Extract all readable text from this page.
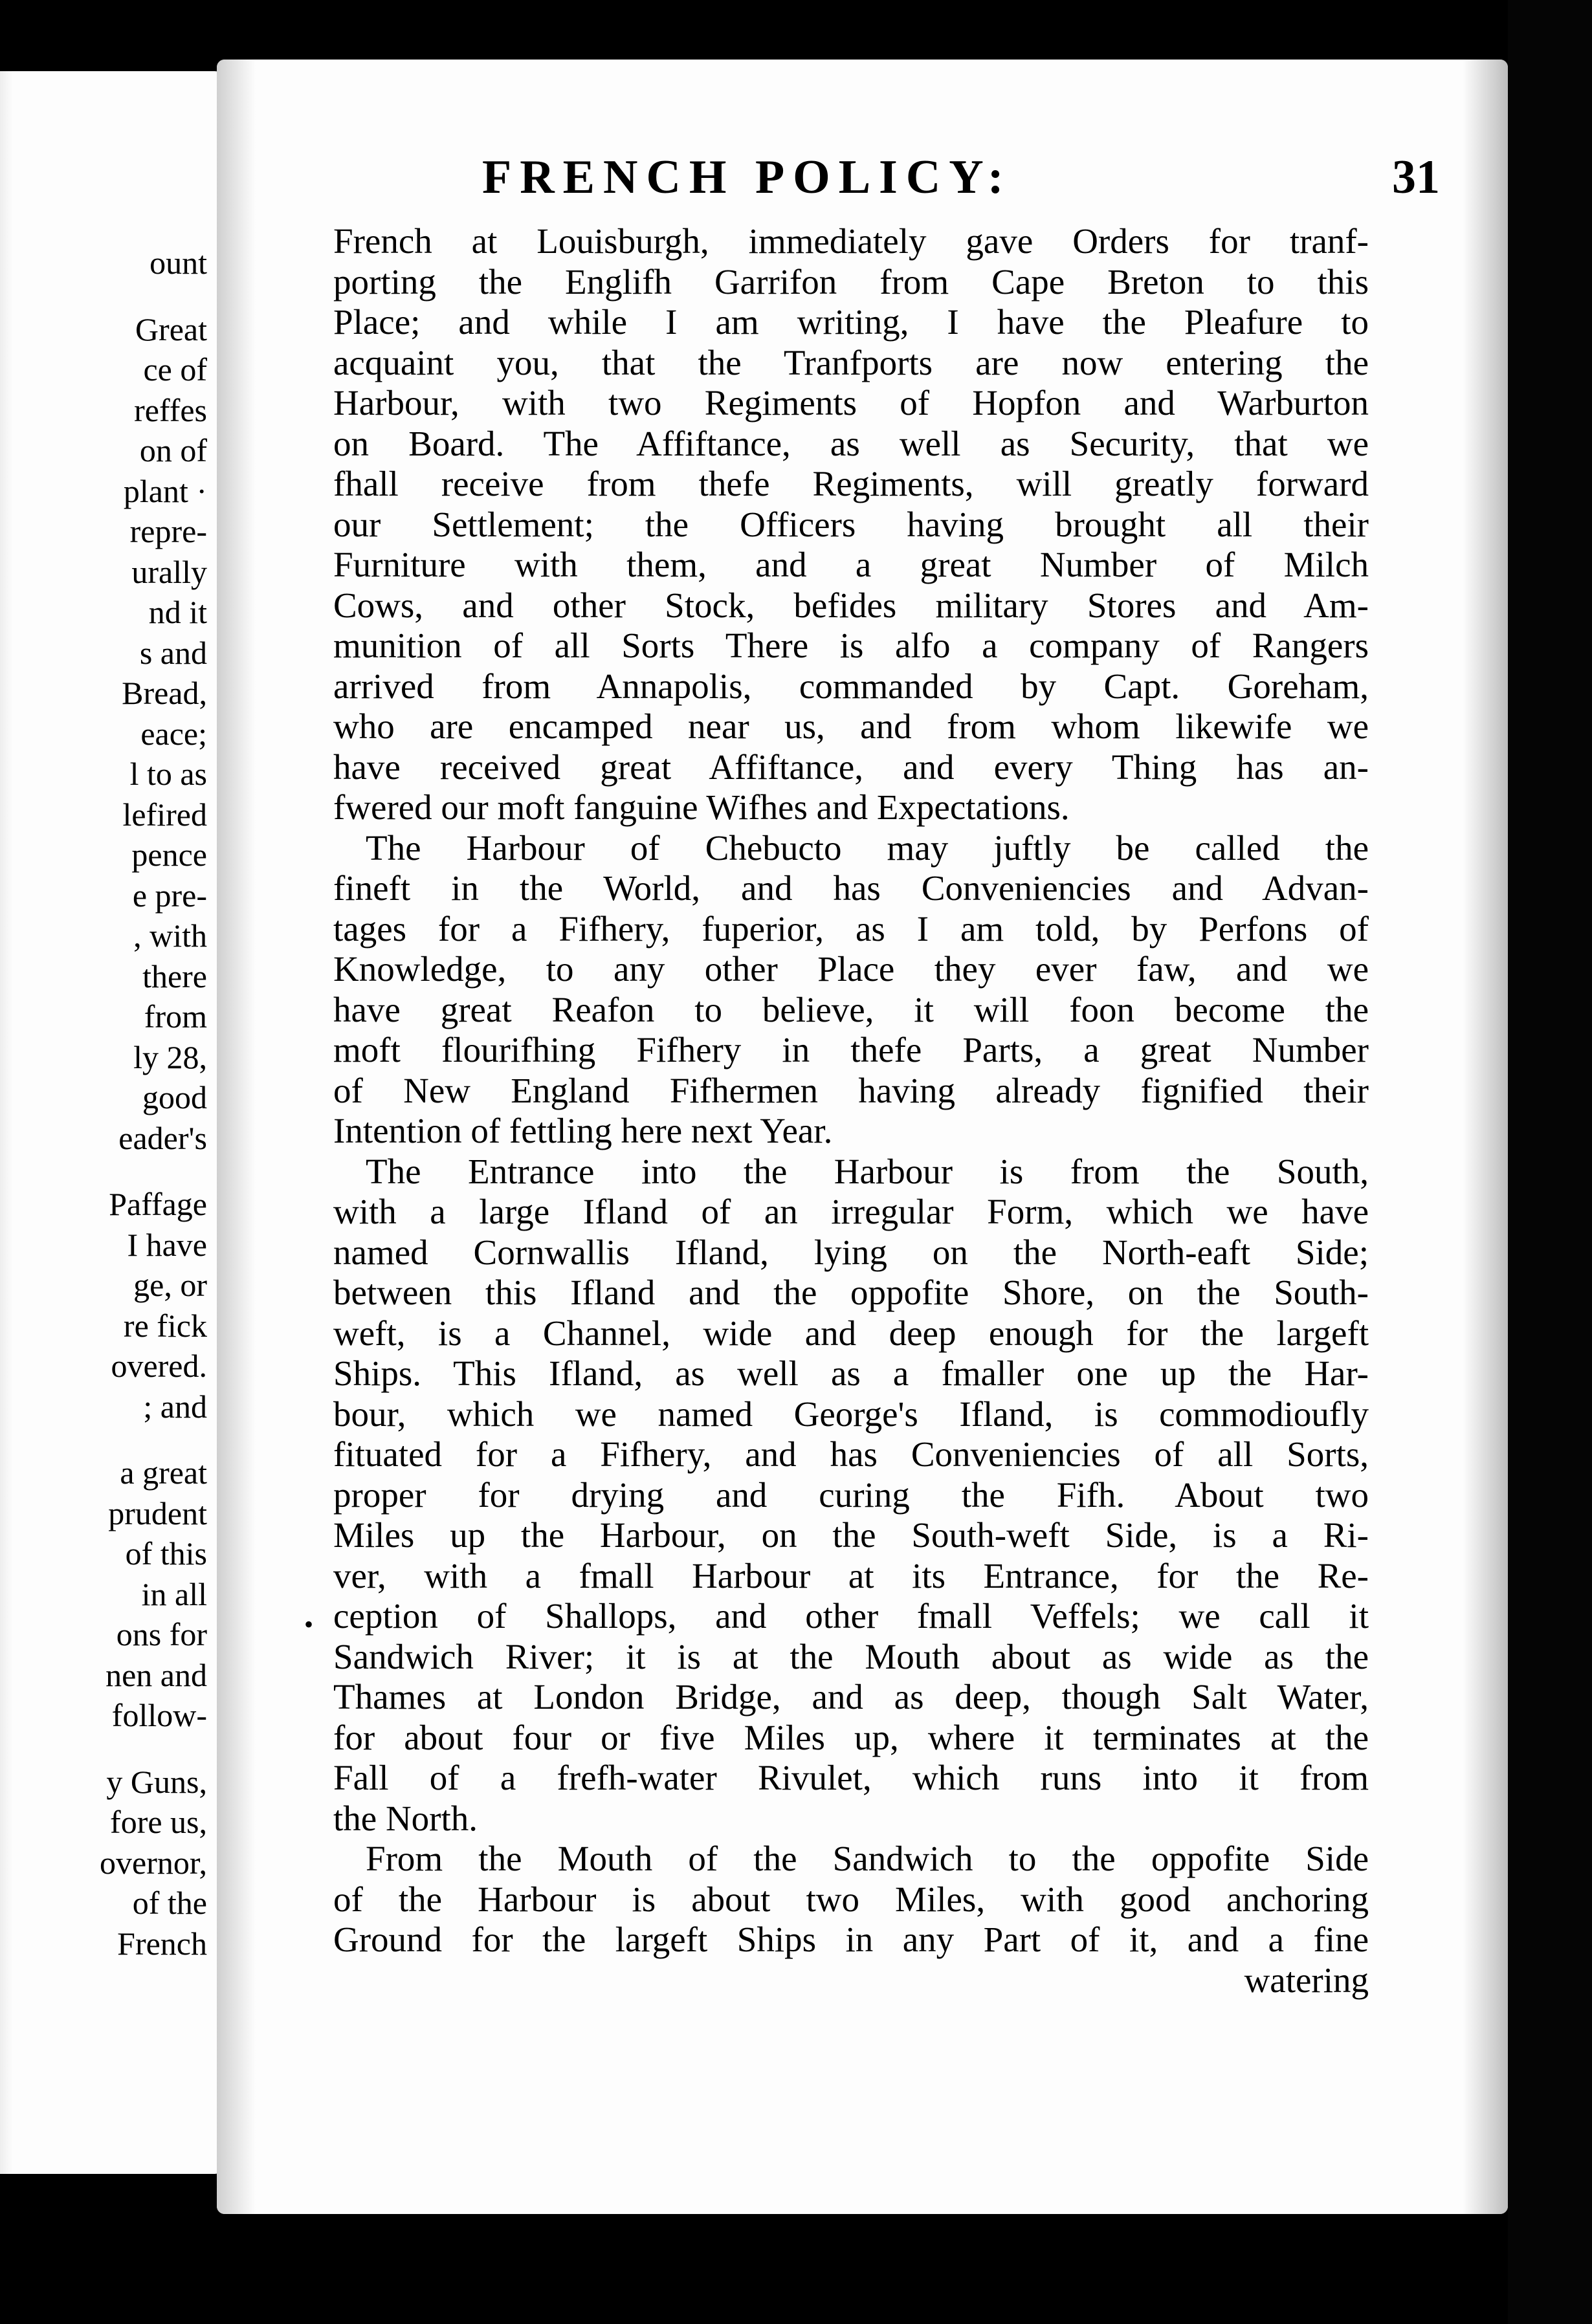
ount

Great
ce of
reffes
on of
plant ·
repre-
urally
nd it
s and
Bread,
eace;
l to as
lefired
pence
e pre-
, with
there
from
ly 28,
good
eader's

Paffage
I have
ge, or
re fick
overed.
; and

a great
prudent
of this
in all
ons for
nen and
follow-

y Guns,
fore us,
overnor,
of the
French
FRENCH POLICY:	31
•
French at Louisburgh, immediately gave Orders for tranf-
porting the Englifh Garrifon from Cape Breton to this
Place; and while I am writing, I have the Pleafure to
acquaint you, that the Tranfports are now entering the
Harbour, with two Regiments of Hopfon and Warburton
on Board. The Affiftance, as well as Security, that we
fhall receive from thefe Regiments, will greatly forward
our Settlement; the Officers having brought all their
Furniture with them, and a great Number of Milch
Cows, and other Stock, befides military Stores and Am-
munition of all Sorts There is alfo a company of Rangers
arrived from Annapolis, commanded by Capt. Goreham,
who are encamped near us, and from whom likewife we
have received great Affiftance, and every Thing has an-
fwered our moft fanguine Wifhes and Expectations.
The Harbour of Chebucto may juftly be called the
fineft in the World, and has Conveniencies and Advan-
tages for a Fifhery, fuperior, as I am told, by Perfons of
Knowledge, to any other Place they ever faw, and we
have great Reafon to believe, it will foon become the
moft flourifhing Fifhery in thefe Parts, a great Number
of New England Fifhermen having already fignified their
Intention of fettling here next Year.
The Entrance into the Harbour is from the South,
with a large Ifland of an irregular Form, which we have
named Cornwallis Ifland, lying on the North-eaft Side;
between this Ifland and the oppofite Shore, on the South-
weft, is a Channel, wide and deep enough for the largeft
Ships. This Ifland, as well as a fmaller one up the Har-
bour, which we named George's Ifland, is commodioufly
fituated for a Fifhery, and has Conveniencies of all Sorts,
proper for drying and curing the Fifh. About two
Miles up the Harbour, on the South-weft Side, is a Ri-
ver, with a fmall Harbour at its Entrance, for the Re-
ception of Shallops, and other fmall Veffels; we call it
Sandwich River; it is at the Mouth about as wide as the
Thames at London Bridge, and as deep, though Salt Water,
for about four or five Miles up, where it terminates at the
Fall of a frefh-water Rivulet, which runs into it from
the North.
From the Mouth of the Sandwich to the oppofite Side
of the Harbour is about two Miles, with good anchoring
Ground for the largeft Ships in any Part of it, and a fine
watering
